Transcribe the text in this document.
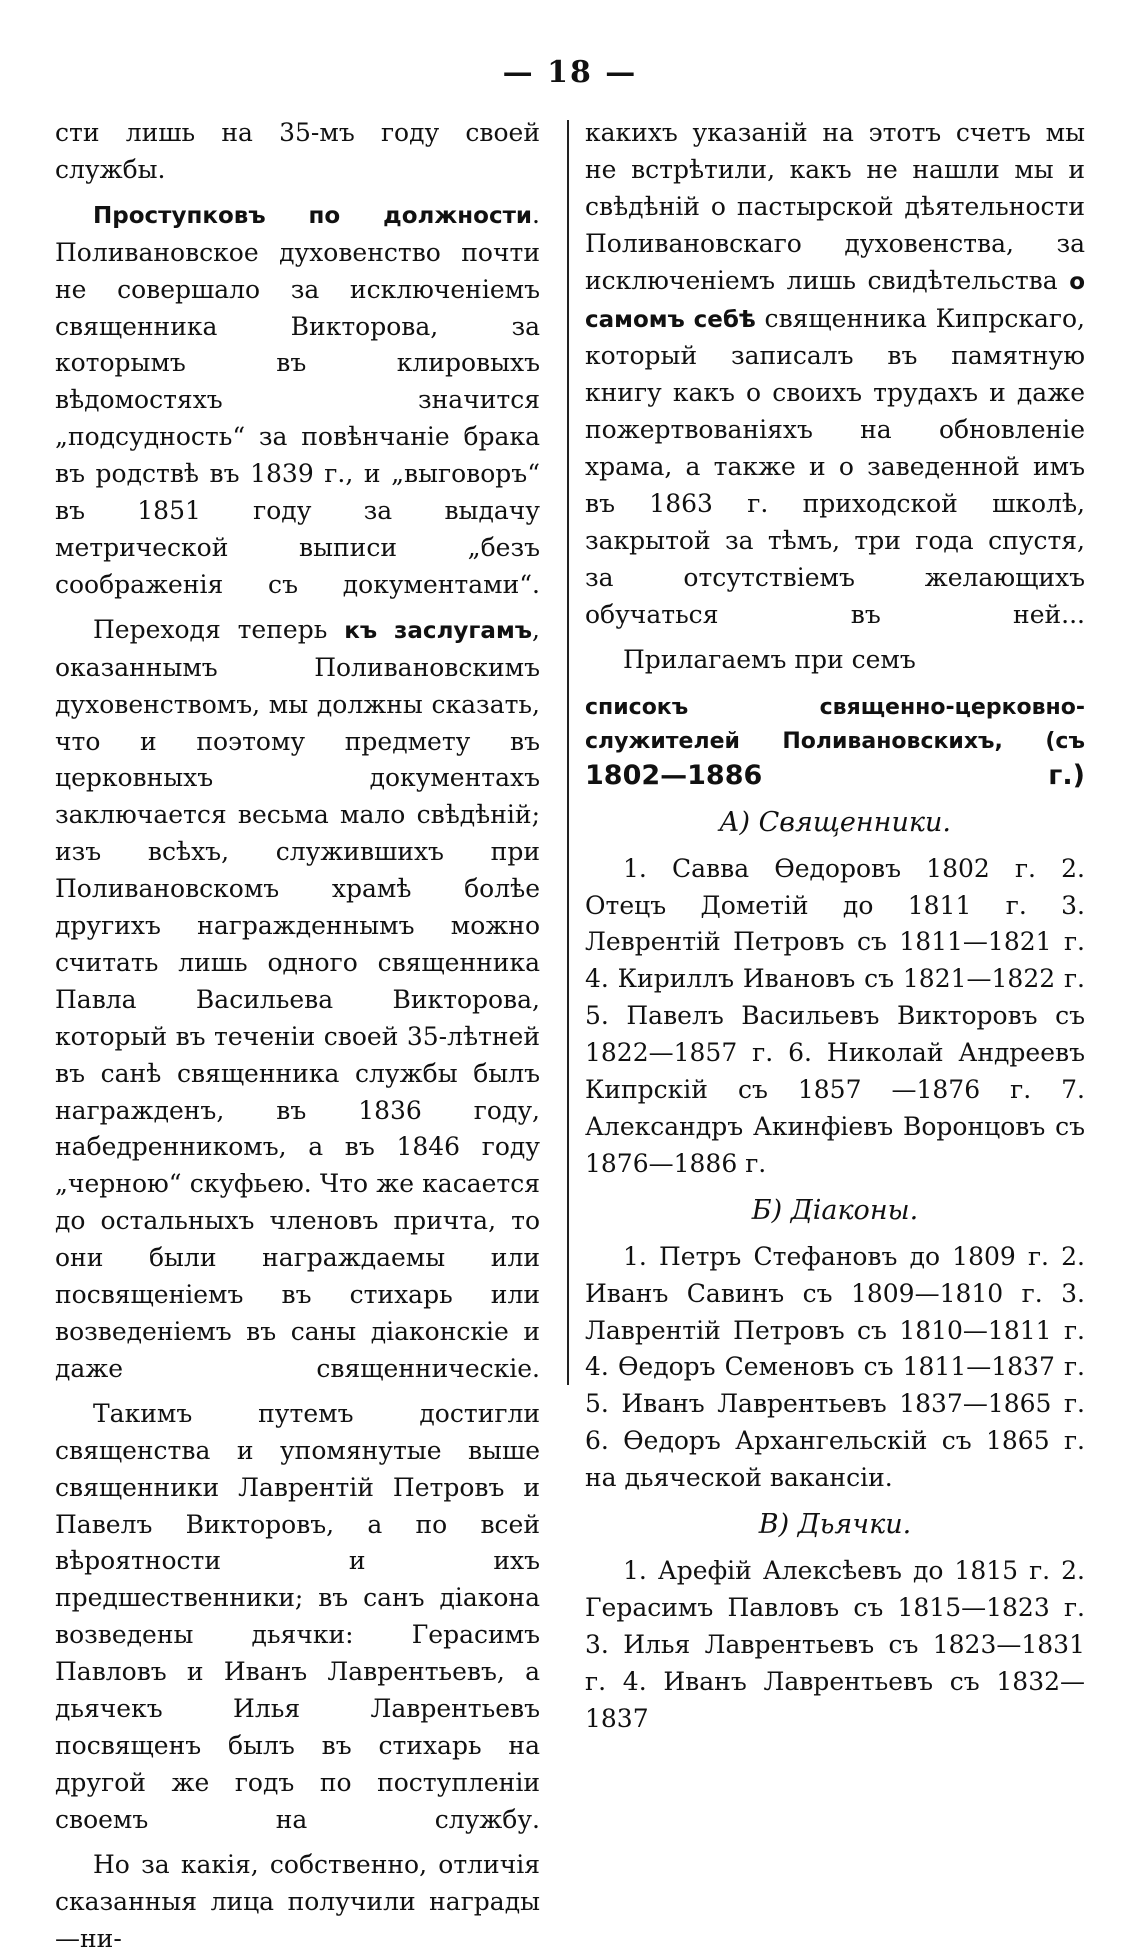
— 18 —

сти лишь на 35-мъ году своей службы.

Проступковъ по должности. Поливановское духовенство почти не совершало за исключенiемъ священника Викторова, за которымъ въ клировыхъ вѣдомостяхъ значится „подсудность“ за повѣнчанiе брака въ родствѣ въ 1839 г., и „выговоръ“ въ 1851 году за выдачу метрической выписи „безъ соображенiя съ документами“.

Переходя теперь къ заслугамъ, оказаннымъ Поливановскимъ духовенствомъ, мы должны сказать, что и поэтому предмету въ церковныхъ документахъ заключается весьма мало свѣдѣнiй; изъ всѣхъ, служившихъ при Поливановскомъ храмѣ болѣе другихъ награжденнымъ можно считать лишь одного священника Павла Васильева Викторова, который въ теченiи своей 35-лѣтней въ санѣ священника службы былъ награжденъ, въ 1836 году, набедренникомъ, а въ 1846 году „черною“ скуфьею. Что же касается до остальныхъ членовъ причта, то они были награждаемы или посвященiемъ въ стихарь или возведенiемъ въ саны дiаконскiе и даже священническiе.

Такимъ путемъ достигли священства и упомянутые выше священники Лаврентiй Петровъ и Павелъ Викторовъ, а по всей вѣроятности и ихъ предшественники; въ санъ дiакона возведены дьячки: Герасимъ Павловъ и Иванъ Лаврентьевъ, а дьячекъ Илья Лаврентьевъ посвященъ былъ въ стихарь на другой же годъ по поступленiи своемъ на службу.

Но за какiя, собственно, отличiя сказанныя лица получили награды—ни-

какихъ указанiй на этотъ счетъ мы не встрѣтили, какъ не нашли мы и свѣдѣнiй о пастырской дѣятельности Поливановскаго духовенства, за исключенiемъ лишь свидѣтельства о самомъ себѣ священника Кипрскаго, который записалъ въ памятную книгу какъ о своихъ трудахъ и даже пожертвованiяхъ на обновленiе храма, а также и о заведенной имъ въ 1863 г. приходской школѣ, закрытой за тѣмъ, три года спустя, за отсутствiемъ желающихъ обучаться въ ней...

Прилагаемъ при семъ

списокъ священно-церковно-служителей Поливановскихъ, (съ 1802—1886 г.)
А) Священники.

1. Савва Өедоровъ 1802 г. 2. Отецъ Дометiй до 1811 г. 3. Леврентiй Петровъ съ 1811—1821 г. 4. Кириллъ Ивановъ съ 1821—1822 г. 5. Павелъ Васильевъ Викторовъ съ 1822—1857 г. 6. Николай Андреевъ Кипрскiй съ 1857 —1876 г. 7. Александръ Акинфiевъ Воронцовъ съ 1876—1886 г.

Б) Дiаконы.

1. Петръ Стефановъ до 1809 г. 2. Иванъ Савинъ съ 1809—1810 г. 3. Лаврентiй Петровъ съ 1810—1811 г. 4. Өедоръ Семеновъ съ 1811—1837 г. 5. Иванъ Лаврентьевъ 1837—1865 г. 6. Өедоръ Архангельскiй съ 1865 г. на дьяческой вакансiи.

В) Дьячки.

1. Арефiй Алексѣевъ до 1815 г. 2. Герасимъ Павловъ съ 1815—1823 г. 3. Илья Лаврентьевъ съ 1823—1831 г. 4. Иванъ Лаврентьевъ съ 1832—1837
